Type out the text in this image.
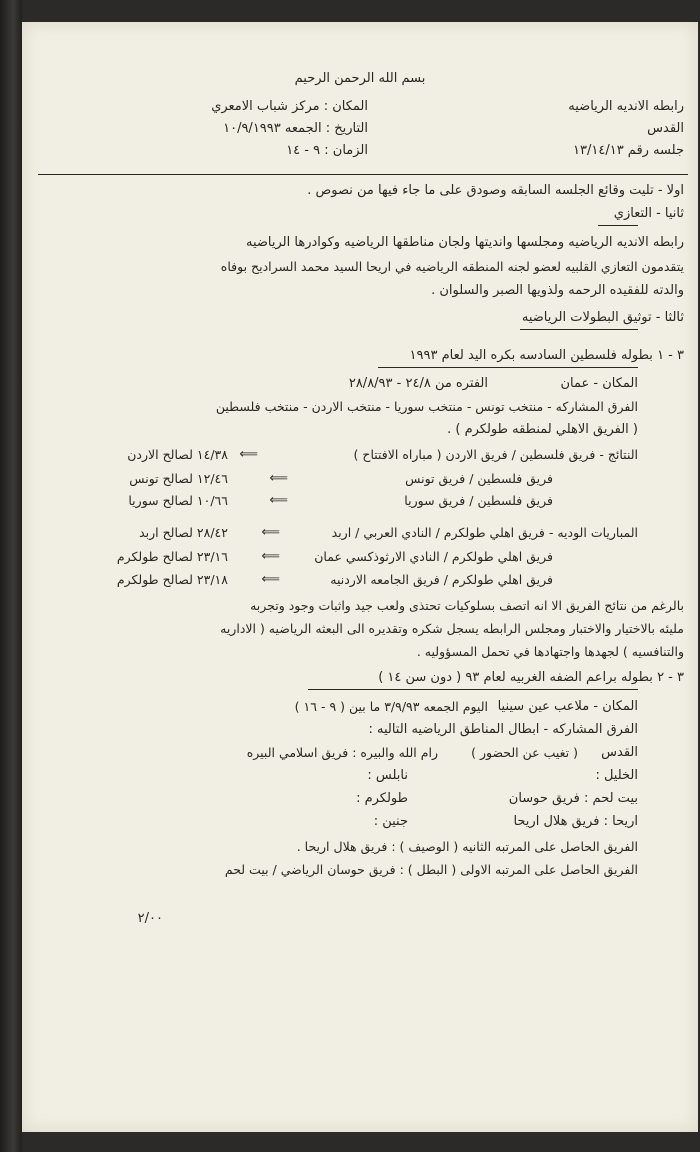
بسم الله الرحمن الرحيم
رابطه الانديه الرياضيه
القدس
جلسه رقم ١٣/١٤/١٣
المكان : مركز شباب الامعري
التاريخ : الجمعه ١٠/٩/١٩٩٣
الزمان : ٩ - ١٤
اولا - تليت وقائع الجلسه السابقه وصودق على ما جاء فيها من نصوص .
ثانيا - التعازي
رابطه الانديه الرياضيه ومجلسها وانديتها ولجان مناطقها الرياضيه وكوادرها الرياضيه
يتقدمون التعازي القلبيه لعضو لجنه المنطقه الرياضيه في اريحا السيد محمد السراديح بوفاه
والدته للفقيده الرحمه ولذويها الصبر والسلوان .
ثالثا - توثيق البطولات الرياضيه
٣ - ١ بطوله فلسطين السادسه بكره اليد لعام ١٩٩٣
المكان - عمان
الفتره من ٢٤/٨ - ٢٨/٨/٩٣
الفرق المشاركه - منتخب تونس - منتخب سوريا - منتخب الاردن - منتخب فلسطين
( الفريق الاهلي لمنطقه طولكرم ) .
النتائج - فريق فلسطين / فريق الاردن ( مباراه الافتتاح )
⟸
١٤/٣٨ لصالح الاردن
فريق فلسطين / فريق تونس
⟸
١٢/٤٦ لصالح تونس
فريق فلسطين / فريق سوريا
⟸
١٠/٦٦ لصالح سوريا
المباريات الوديه - فريق اهلي طولكرم / النادي العربي / اربد
⟸
٢٨/٤٢ لصالح اربد
فريق اهلي طولكرم / النادي الارثوذكسي عمان
⟸
٢٣/١٦ لصالح طولكرم
فريق اهلي طولكرم / فريق الجامعه الاردنيه
⟸
٢٣/١٨ لصالح طولكرم
بالرغم من نتائج الفريق الا انه اتصف بسلوكيات تحتذى ولعب جيد واثبات وجود وتجربه
مليئه بالاختيار والاختبار ومجلس الرابطه يسجل شكره وتقديره الى البعثه الرياضيه ( الاداريه
والتنافسيه ) لجهدها واجتهادها في تحمل المسؤوليه .
٣ - ٢ بطوله براعم الضفه الغربيه لعام ٩٣ ( دون سن ١٤ )
المكان - ملاعب عين سينيا
اليوم الجمعه ٣/٩/٩٣ ما بين ( ٩ - ١٦ )
الفرق المشاركه - ابطال المناطق الرياضيه التاليه :
القدس
( تغيب عن الحضور )
رام الله والبيره : فريق اسلامي البيره
الخليل :
نابلس :
بيت لحم : فريق حوسان
طولكرم :
اريحا : فريق هلال اريحا
جنين :
الفريق الحاصل على المرتبه الثانيه ( الوصيف ) : فريق هلال اريحا .
الفريق الحاصل على المرتبه الاولى ( البطل ) : فريق حوسان الرياضي / بيت لحم
٢/٠٠
